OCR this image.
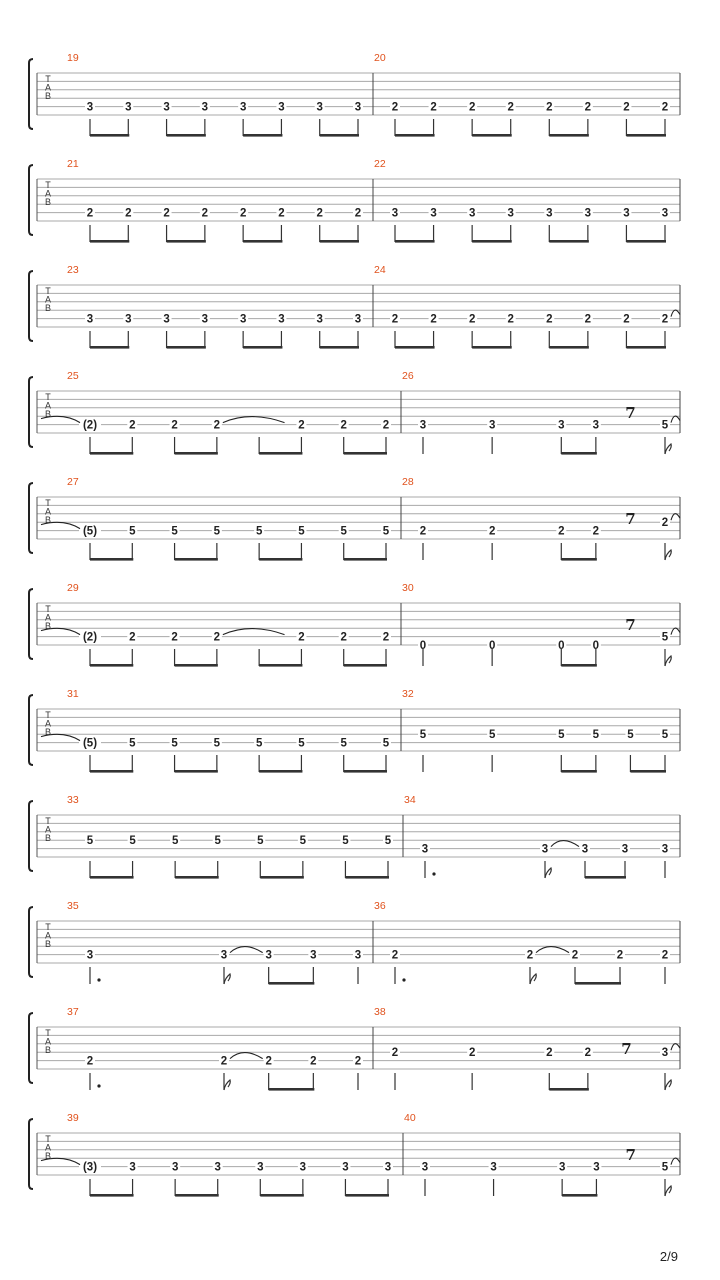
T
A
B
19
3	3	3	3	3	3	3	3
20
2	2	2	2	2	2	2	2
T
A
B
21
2	2	2	2	2	2	2	2
22
3	3	3	3	3	3	3	3
T
A
B
23
3	3	3	3	3	3	3	3
24
2	2	2	2	2	2	2	2
T
A
B
25
(2)	2	2	2	2	2	2
26
3	3	3 3
7
5
T
A
B
27
(5)	5	5	5	5	5	5	5
28
2	2	2 2
7 2
T
A
B
29
(2)	2	2	2	2	2	2
30
0	0	0 0
7
5
T
A
B
31
(5)	5	5	5	5	5	5	5
32
5	5	5 5 5 5
T
A
B
33
5	5	5	5	5	5	5	5
34
3	3	3	3	3
T
A
B
35
3	3	3	3	3
36
2	2	2	2	2
T
A
B
37
2	2	2	2	2
38
2	2	2	2 7	3
T
A
B
39
(3)	3	3	3	3	3	3	3
40
3	3	3 3
7
5
2/9
